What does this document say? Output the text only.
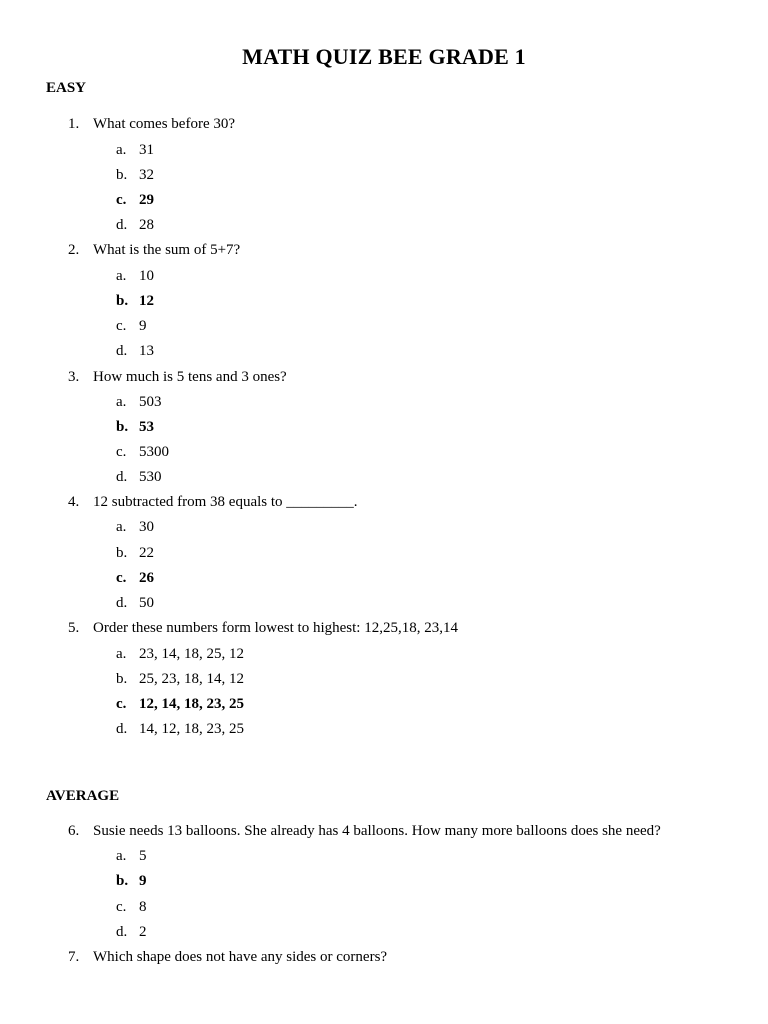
MATH QUIZ BEE GRADE 1
EASY
1. What comes before 30?
a. 31
b. 32
c. 29
d. 28
2. What is the sum of 5+7?
a. 10
b. 12
c. 9
d. 13
3. How much is 5 tens and 3 ones?
a. 503
b. 53
c. 5300
d. 530
4. 12 subtracted from 38 equals to _________.
a. 30
b. 22
c. 26
d. 50
5. Order these numbers form lowest to highest: 12,25,18, 23,14
a. 23, 14, 18, 25, 12
b. 25, 23, 18, 14, 12
c. 12, 14, 18, 23, 25
d. 14, 12, 18, 23, 25
AVERAGE
6. Susie needs 13 balloons. She already has 4 balloons. How many more balloons does she need?
a. 5
b. 9
c. 8
d. 2
7. Which shape does not have any sides or corners?
